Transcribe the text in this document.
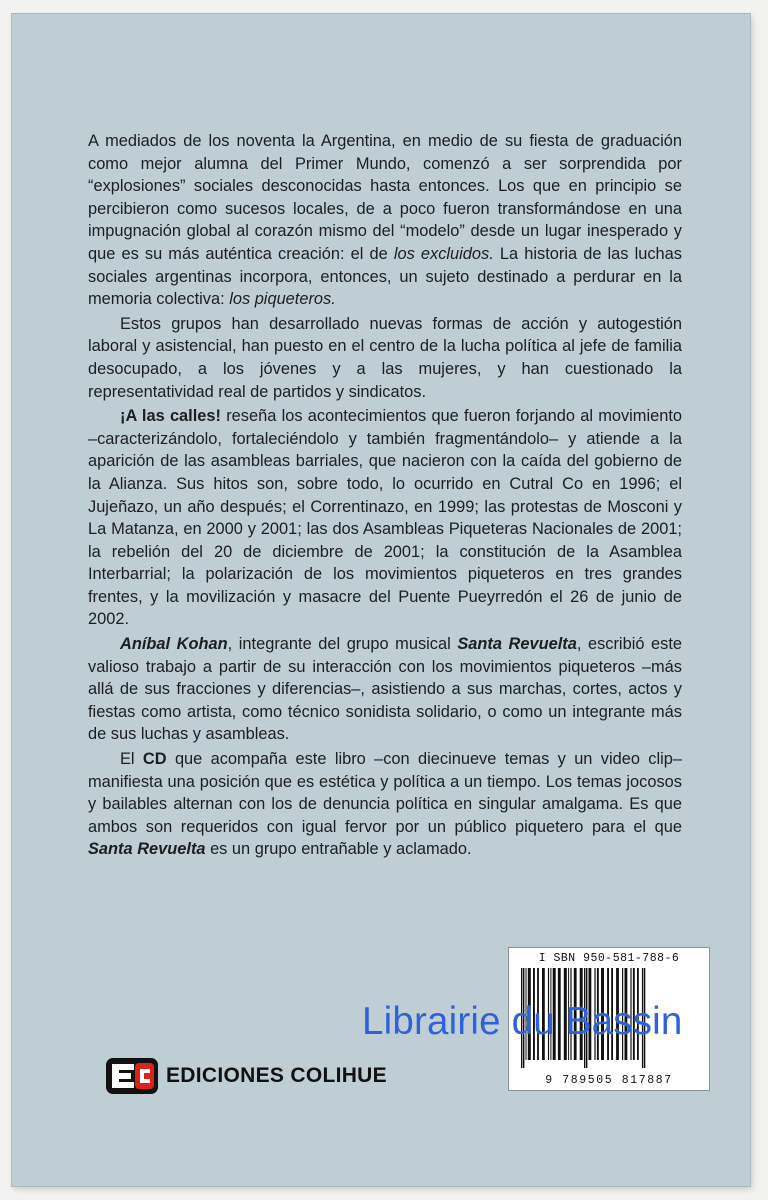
A mediados de los noventa la Argentina, en medio de su fiesta de graduación como mejor alumna del Primer Mundo, comenzó a ser sorprendida por “explosiones” sociales desconocidas hasta entonces. Los que en principio se percibieron como sucesos locales, de a poco fueron transformándose en una impugnación global al corazón mismo del “modelo” desde un lugar inesperado y que es su más auténtica creación: el de los excluidos. La historia de las luchas sociales argentinas incorpora, entonces, un sujeto destinado a perdurar en la memoria colectiva: los piqueteros.

Estos grupos han desarrollado nuevas formas de acción y autogestión laboral y asistencial, han puesto en el centro de la lucha política al jefe de familia desocupado, a los jóvenes y a las mujeres, y han cuestionado la representatividad real de partidos y sindicatos.

¡A las calles! reseña los acontecimientos que fueron forjando al movimiento –caracterizándolo, fortaleciéndolo y también fragmentándolo– y atiende a la aparición de las asambleas barriales, que nacieron con la caída del gobierno de la Alianza. Sus hitos son, sobre todo, lo ocurrido en Cutral Co en 1996; el Jujeñazo, un año después; el Correntinazo, en 1999; las protestas de Mosconi y La Matanza, en 2000 y 2001; las dos Asambleas Piqueteras Nacionales de 2001; la rebelión del 20 de diciembre de 2001; la constitución de la Asamblea Interbarrial; la polarización de los movimientos piqueteros en tres grandes frentes, y la movilización y masacre del Puente Pueyrredón el 26 de junio de 2002.

Aníbal Kohan, integrante del grupo musical Santa Revuelta, escribió este valioso trabajo a partir de su interacción con los movimientos piqueteros –más allá de sus fracciones y diferencias–, asistiendo a sus marchas, cortes, actos y fiestas como artista, como técnico sonidista solidario, o como un integrante más de sus luchas y asambleas.

El CD que acompaña este libro –con diecinueve temas y un video clip– manifiesta una posición que es estética y política a un tiempo. Los temas jocosos y bailables alternan con los de denuncia política en singular amalgama. Es que ambos son requeridos con igual fervor por un público piquetero para el que Santa Revuelta es un grupo entrañable y aclamado.

EDICIONES COLIHUE
I SBN 950-581-788-6
9 789505 817887
Librairie du Bassin
